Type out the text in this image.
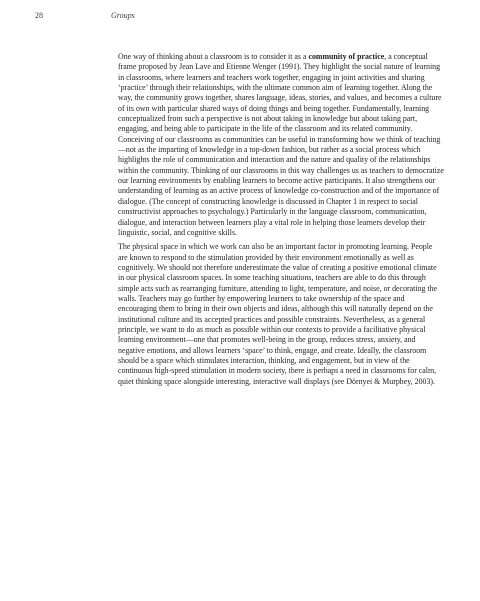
28	Groups

One way of thinking about a classroom is to consider it as a community of practice, a conceptual frame proposed by Jean Lave and Etienne Wenger (1991). They highlight the social nature of learning in classrooms, where learners and teachers work together, engaging in joint activities and sharing ‘practice’ through their relationships, with the ultimate common aim of learning together. Along the way, the community grows together, shares language, ideas, stories, and values, and becomes a culture of its own with particular shared ways of doing things and being together. Fundamentally, learning conceptualized from such a perspective is not about taking in knowledge but about taking part, engaging, and being able to participate in the life of the classroom and its related community. Conceiving of our classrooms as communities can be useful in transforming how we think of teaching—not as the imparting of knowledge in a top-down fashion, but rather as a social process which highlights the role of communication and interaction and the nature and quality of the relationships within the community. Thinking of our classrooms in this way challenges us as teachers to democratize our learning environments by enabling learners to become active participants. It also strengthens our understanding of learning as an active process of knowledge co-construction and of the importance of dialogue. (The concept of constructing knowledge is discussed in Chapter 1 in respect to social constructivist approaches to psychology.) Particularly in the language classroom, communication, dialogue, and interaction between learners play a vital role in helping those learners develop their linguistic, social, and cognitive skills.

The physical space in which we work can also be an important factor in promoting learning. People are known to respond to the stimulation provided by their environment emotionally as well as cognitively. We should not therefore underestimate the value of creating a positive emotional climate in our physical classroom spaces. In some teaching situations, teachers are able to do this through simple acts such as rearranging furniture, attending to light, temperature, and noise, or decorating the walls. Teachers may go further by empowering learners to take ownership of the space and encouraging them to bring in their own objects and ideas, although this will naturally depend on the institutional culture and its accepted practices and possible constraints. Nevertheless, as a general principle, we want to do as much as possible within our contexts to provide a facilitative physical learning environment—one that promotes well-being in the group, reduces stress, anxiety, and negative emotions, and allows learners ‘space’ to think, engage, and create. Ideally, the classroom should be a space which stimulates interaction, thinking, and engagement, but in view of the continuous high-speed stimulation in modern society, there is perhaps a need in classrooms for calm, quiet thinking space alongside interesting, interactive wall displays (see Dörnyei & Murphey, 2003).
